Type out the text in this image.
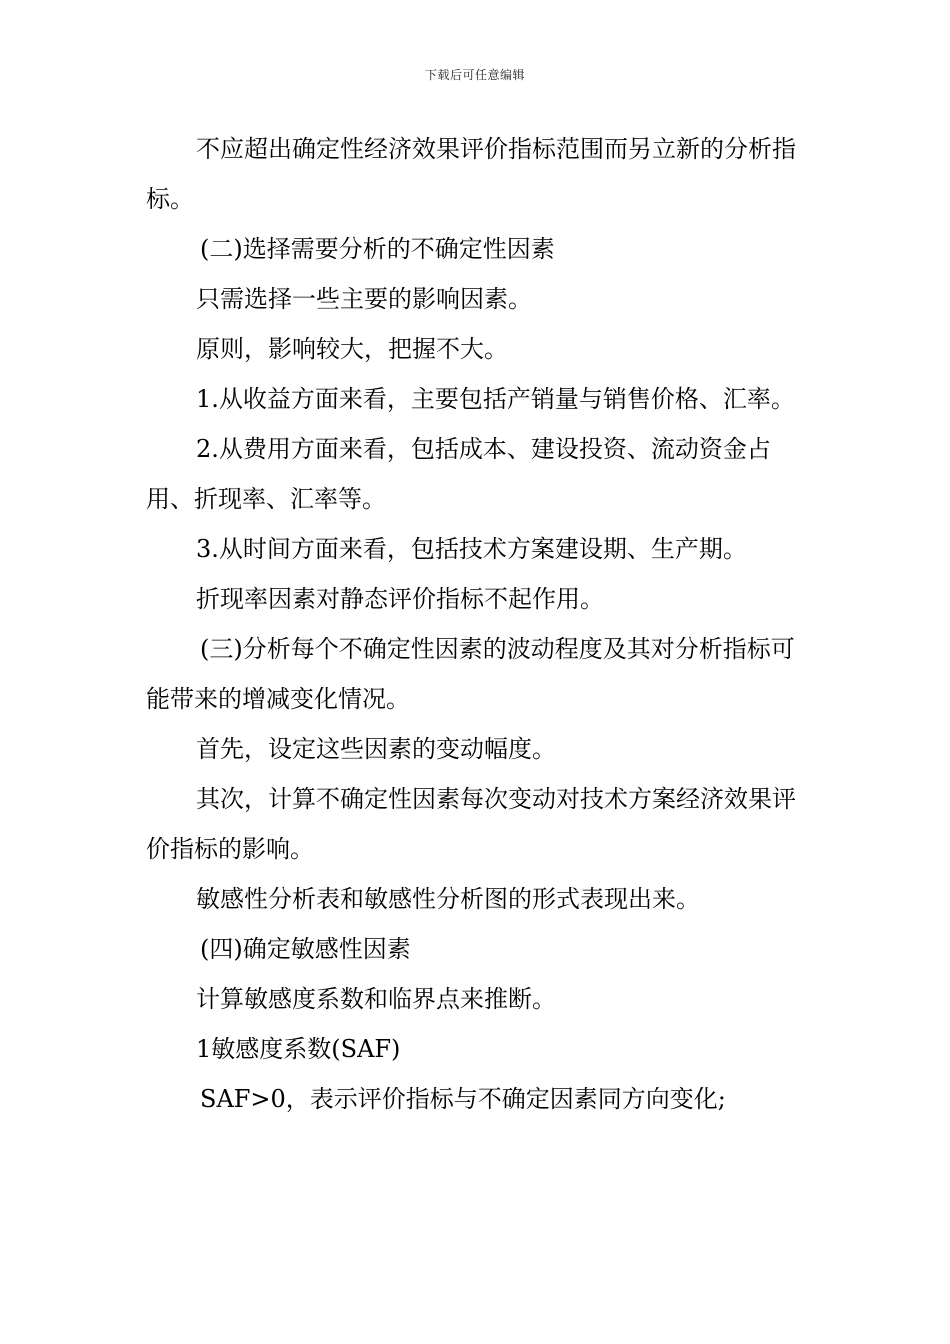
下载后可任意编辑

不应超出确定性经济效果评价指标范围而另立新的分析指标。

(二)选择需要分析的不确定性因素

只需选择一些主要的影响因素。

原则，影响较大，把握不大。

1.从收益方面来看，主要包括产销量与销售价格、汇率。

2.从费用方面来看，包括成本、建设投资、流动资金占用、折现率、汇率等。

3.从时间方面来看，包括技术方案建设期、生产期。

折现率因素对静态评价指标不起作用。

(三)分析每个不确定性因素的波动程度及其对分析指标可能带来的增减变化情况。

首先，设定这些因素的变动幅度。

其次，计算不确定性因素每次变动对技术方案经济效果评价指标的影响。

敏感性分析表和敏感性分析图的形式表现出来。

(四)确定敏感性因素

计算敏感度系数和临界点来推断。

1敏感度系数(SAF)

SAF>0，表示评价指标与不确定因素同方向变化;
